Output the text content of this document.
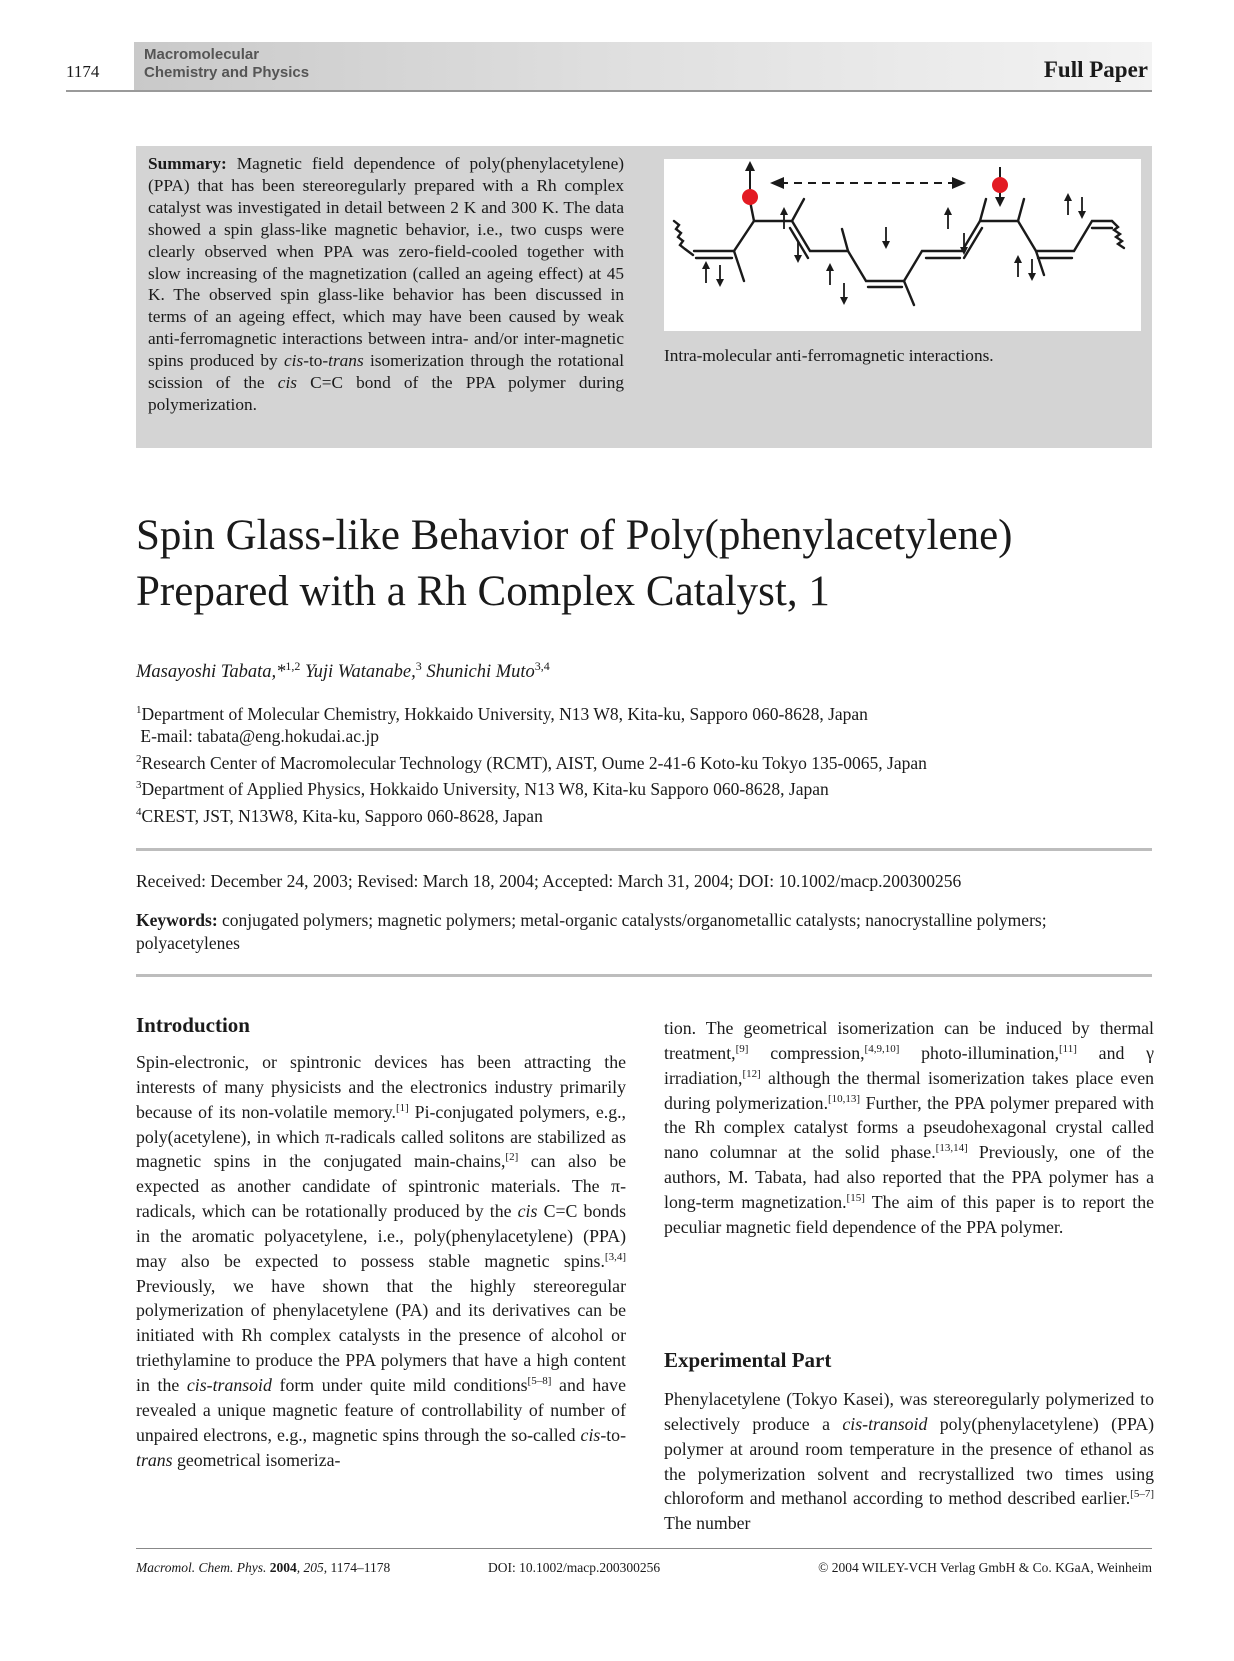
1174
Macromolecular
Chemistry and Physics	Full Paper
Summary: Magnetic field dependence of poly(phenylacetylene) (PPA) that has been stereoregularly prepared with a Rh complex catalyst was investigated in detail between 2 K and 300 K. The data showed a spin glass-like magnetic behavior, i.e., two cusps were clearly observed when PPA was zero-field-cooled together with slow increasing of the magnetization (called an ageing effect) at 45 K. The observed spin glass-like behavior has been discussed in terms of an ageing effect, which may have been caused by weak anti-ferromagnetic interactions between intra- and/or inter-magnetic spins produced by cis-to-trans isomerization through the rotational scission of the cis C=C bond of the PPA polymer during polymerization.
Intra-molecular anti-ferromagnetic interactions.
Spin Glass-like Behavior of Poly(phenylacetylene)
Prepared with a Rh Complex Catalyst, 1
Masayoshi Tabata,*$^{1,2}$ Yuji Watanabe,$^3$ Shunichi Muto$^{3,4}$
$^1$Department of Molecular Chemistry, Hokkaido University, N13 W8, Kita-ku, Sapporo 060-8628, Japan
E-mail: tabata@eng.hokudai.ac.jp
$^2$Research Center of Macromolecular Technology (RCMT), AIST, Oume 2-41-6 Koto-ku Tokyo 135-0065, Japan
$^3$Department of Applied Physics, Hokkaido University, N13 W8, Kita-ku Sapporo 060-8628, Japan
$^4$CREST, JST, N13W8, Kita-ku, Sapporo 060-8628, Japan
Received: December 24, 2003; Revised: March 18, 2004; Accepted: March 31, 2004; DOI: 10.1002/macp.200300256
Keywords: conjugated polymers; magnetic polymers; metal-organic catalysts/organometallic catalysts; nanocrystalline polymers; polyacetylenes
Introduction

Spin-electronic, or spintronic devices has been attracting the interests of many physicists and the electronics industry primarily because of its non-volatile memory.[1] Pi-conjugated polymers, e.g., poly(acetylene), in which π-radicals called solitons are stabilized as magnetic spins in the conjugated main-chains,[2] can also be expected as another candidate of spintronic materials. The π-radicals, which can be rotationally produced by the cis C=C bonds in the aromatic polyacetylene, i.e., poly(phenylacetylene) (PPA) may also be expected to possess stable magnetic spins.[3,4] Previously, we have shown that the highly stereoregular polymerization of phenylacetylene (PA) and its derivatives can be initiated with Rh complex catalysts in the presence of alcohol or triethylamine to produce the PPA polymers that have a high content in the cis-transoid form under quite mild conditions[5–8] and have revealed a unique magnetic feature of controllability of number of unpaired electrons, e.g., magnetic spins through the so-called cis-to-trans geometrical isomeriza-

tion. The geometrical isomerization can be induced by thermal treatment,[9] compression,[4,9,10] photo-illumination,[11] and γ irradiation,[12] although the thermal isomerization takes place even during polymerization.[10,13] Further, the PPA polymer prepared with the Rh complex catalyst forms a pseudohexagonal crystal called nano columnar at the solid phase.[13,14] Previously, one of the authors, M. Tabata, had also reported that the PPA polymer has a long-term magnetization.[15] The aim of this paper is to report the peculiar magnetic field dependence of the PPA polymer.

Experimental Part

Phenylacetylene (Tokyo Kasei), was stereoregularly polymerized to selectively produce a cis-transoid poly(phenylacetylene) (PPA) polymer at around room temperature in the presence of ethanol as the polymerization solvent and recrystallized two times using chloroform and methanol according to method described earlier.[5–7] The number

Macromol. Chem. Phys. 2004, 205, 1174–1178	DOI: 10.1002/macp.200300256	© 2004 WILEY-VCH Verlag GmbH & Co. KGaA, Weinheim
